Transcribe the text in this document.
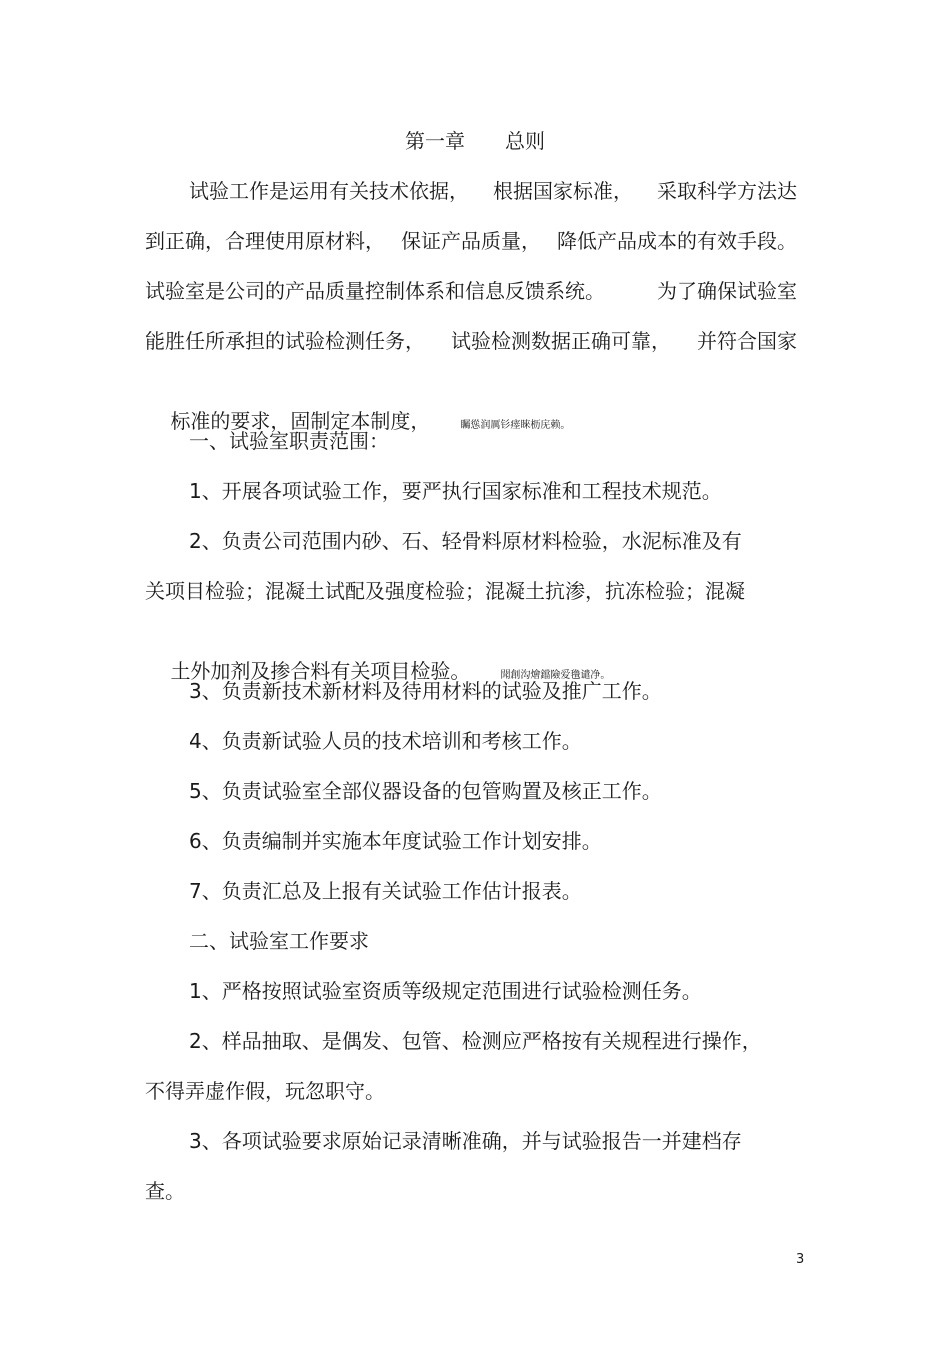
第一章　　总则
试验工作是运用有关技术依据， 根据国家标准， 采取科学方法达
到正确，合理使用原材料， 保证产品质量， 降低产品成本的有效手段。
试验室是公司的产品质量控制体系和信息反馈系统。	为了确保试验室
能胜任所承担的试验检测任务， 试验检测数据正确可靠， 并符合国家

标准的要求，固制定本制度，	矚慫润厲钐瘗睞枥庑赖。

一、试验室职责范围：
1、开展各项试验工作，要严执行国家标准和工程技术规范。
2、负责公司范围内砂、石、轻骨料原材料检验，水泥标准及有
关项目检验；混凝土试配及强度检验；混凝土抗渗，抗冻检验；混凝

土外加剂及掺合料有关项目检验。	聞創沟燴鐺險爱氇谴净。

3、负责新技术新材料及待用材料的试验及推广工作。
4、负责新试验人员的技术培训和考核工作。
5、负责试验室全部仪器设备的包管购置及核正工作。
6、负责编制并实施本年度试验工作计划安排。
7、负责汇总及上报有关试验工作估计报表。
二、试验室工作要求
1、严格按照试验室资质等级规定范围进行试验检测任务。
2、样品抽取、是偶发、包管、检测应严格按有关规程进行操作，
不得弄虚作假，玩忽职守。
3、各项试验要求原始记录清晰准确，并与试验报告一并建档存
查。
3
